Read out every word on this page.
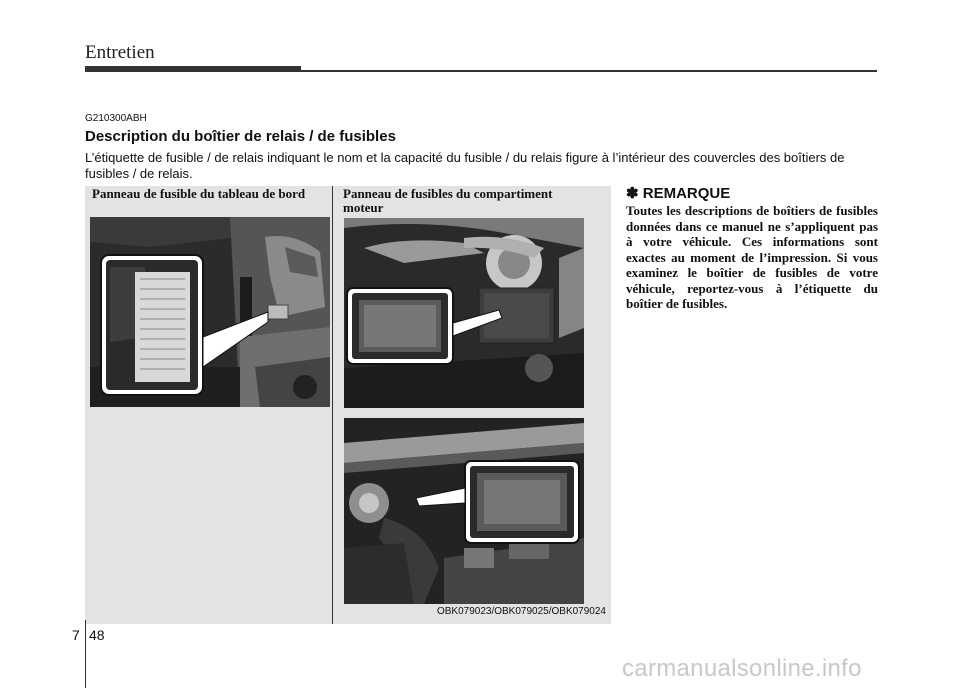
Entretien
G210300ABH
Description du boîtier de relais / de fusibles
L’étiquette de fusible / de relais indiquant le nom et la capacité du fusible / du relais figure à l’intérieur des couvercles des boîtiers de fusibles / de relais.
Panneau de fusible du tableau de bord	Panneau de fusibles du compartiment moteur
OBK079023/OBK079025/OBK079024
✽ REMARQUE
Toutes les descriptions de boîtiers de fusibles données dans ce manuel ne s’appliquent pas à votre véhicule. Ces informations sont exactes au moment de l’impression. Si vous examinez le boîtier de fusibles de votre véhicule, reportez-vous à l’étiquette du boîtier de fusibles.
7 48
carmanualsonline.info
